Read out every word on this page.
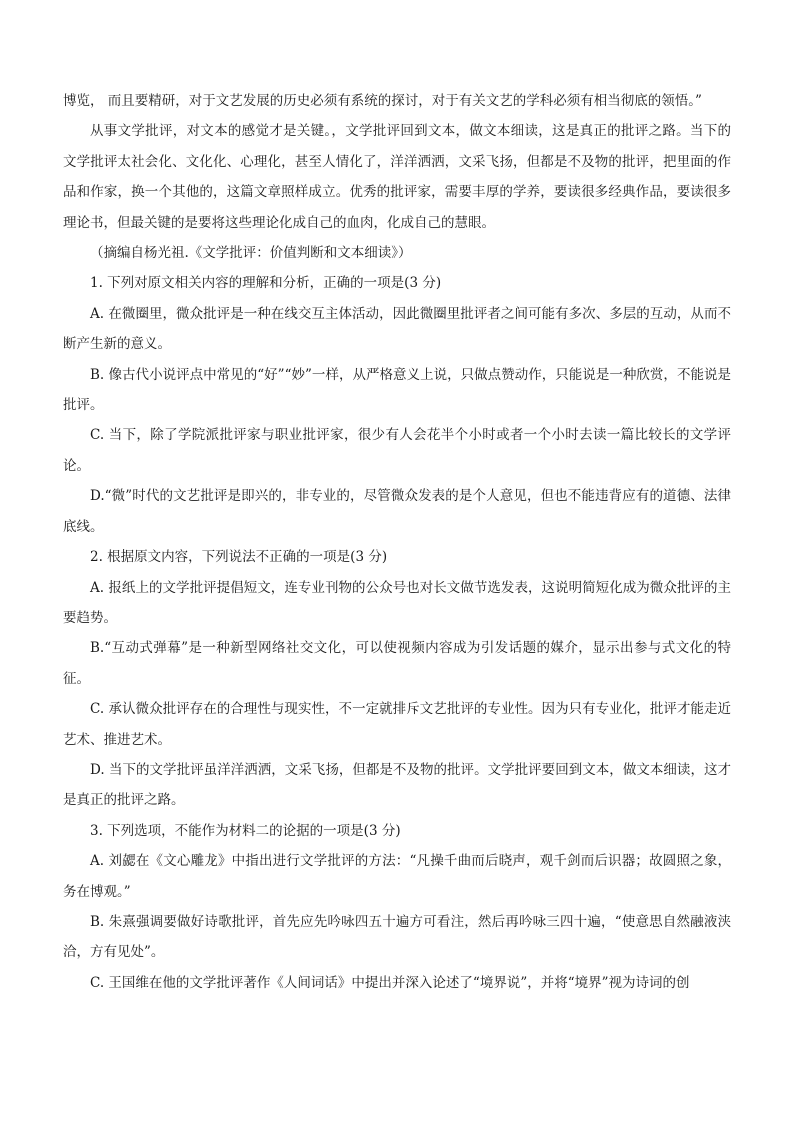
博览， 而且要精研，对于文艺发展的历史必须有系统的探讨，对于有关文艺的学科必须有相当彻底的领悟。”

从事文学批评，对文本的感觉才是关键。，文学批评回到文本，做文本细读，这是真正的批评之路。当下的文学批评太社会化、文化化、心理化，甚至人情化了，洋洋洒洒，文采飞扬，但都是不及物的批评，把里面的作品和作家，换一个其他的，这篇文章照样成立。优秀的批评家，需要丰厚的学养，要读很多经典作品，要读很多理论书，但最关键的是要将这些理论化成自己的血肉，化成自己的慧眼。

（摘编自杨光祖.《文学批评：价值判断和文本细读》）

1. 下列对原文相关内容的理解和分析，正确的一项是(3 分)

A. 在微圈里，微众批评是一种在线交互主体活动，因此微圈里批评者之间可能有多次、多层的互动，从而不断产生新的意义。

B. 像古代小说评点中常见的“好”“妙”一样，从严格意义上说，只做点赞动作，只能说是一种欣赏，不能说是批评。

C. 当下，除了学院派批评家与职业批评家，很少有人会花半个小时或者一个小时去读一篇比较长的文学评论。

D.“微”时代的文艺批评是即兴的，非专业的，尽管微众发表的是个人意见，但也不能违背应有的道德、法律底线。

2. 根据原文内容，下列说法不正确的一项是(3 分)

A. 报纸上的文学批评提倡短文，连专业刊物的公众号也对长文做节选发表，这说明简短化成为微众批评的主要趋势。

B.“互动式弹幕”是一种新型网络社交文化，可以使视频内容成为引发话题的媒介，显示出参与式文化的特征。

C. 承认微众批评存在的合理性与现实性，不一定就排斥文艺批评的专业性。因为只有专业化，批评才能走近艺术、推进艺术。

D. 当下的文学批评虽洋洋洒洒，文采飞扬，但都是不及物的批评。文学批评要回到文本，做文本细读，这才是真正的批评之路。

3. 下列选项，不能作为材料二的论据的一项是(3 分)

A. 刘勰在《文心雕龙》中指出进行文学批评的方法：“凡操千曲而后晓声，观千剑而后识器；故圆照之象，务在博观。”

B. 朱熹强调要做好诗歌批评，首先应先吟咏四五十遍方可看注，然后再吟咏三四十遍，“使意思自然融液浃洽，方有见处”。

C. 王国维在他的文学批评著作《人间词话》中提出并深入论述了“境界说”，并将“境界”视为诗词的创
